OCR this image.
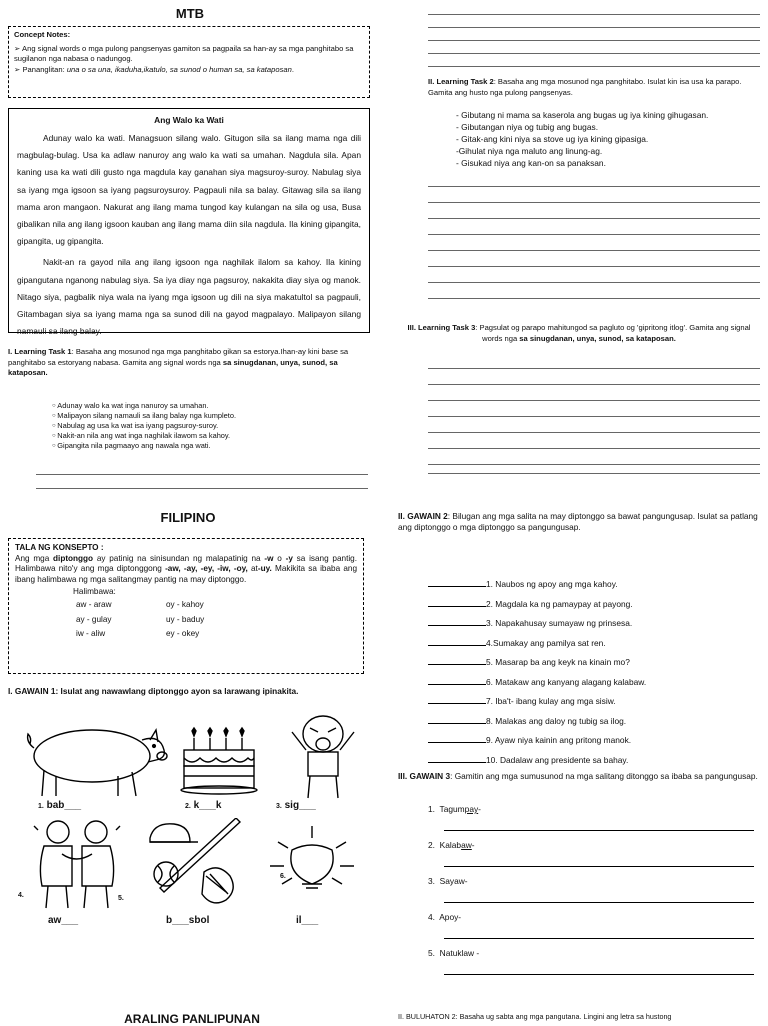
MTB
Concept Notes:
➢ Ang signal words o mga pulong pangsenyas gamiton sa pagpaila sa han-ay sa mga panghitabo sa sugilanon nga nabasa o nadungog.
➢ Pananglitan: una o sa una, ikaduha,ikatulo, sa sunod o human sa, sa kataposan.
Ang Walo ka Wati

Adunay walo ka wati. Managsuon silang walo. Gitugon sila sa ilang mama nga dili magbulag-bulag. Usa ka adlaw nanuroy ang walo ka wati sa umahan. Nagdula sila. Apan kaning usa ka wati dili gusto nga magdula kay ganahan siya magsuroy-suroy. Nabulag siya sa iyang mga igsoon sa iyang pagsuroysuroy. Pagpauli nila sa balay. Gitawag sila sa ilang mama aron mangaon. Nakurat ang ilang mama tungod kay kulangan na sila og usa, Busa gibalikan nila ang ilang igsoon kauban ang ilang mama diin sila nagdula. Ila kining gipangita, gipangita, ug gipangita.

Nakit-an ra gayod nila ang ilang igsoon nga naghilak ilalom sa kahoy. Ila kining gipangutana nganong nabulag siya. Sa iya diay nga pagsuroy, nakakita diay siya og manok. Nitago siya, pagbalik niya wala na iyang mga igsoon ug dili na siya makatultol sa pagpauli, Gitambagan siya sa iyang mama nga sa sunod dili na gayod magpalayo. Malipayon silang namauli sa ilang balay.

I. Learning Task 1: Basaha ang mosunod nga mga panghitabo gikan sa estorya.Ihan-ay kini base sa panghitabo sa estoryang nabasa. Gamita ang signal words nga sa sinugdanan, unya, sunod, sa kataposan.
○ Adunay walo ka wat inga nanuroy sa umahan.
○ Malipayon silang namauli sa ilang balay nga kumpleto.
○ Nabulag ag usa ka wat isa iyang pagsuroy-suroy.
○ Nakit-an nila ang wat inga naghilak ilawom sa kahoy.
○ Gipangita nila pagmaayo ang nawala nga wati.
II. Learning Task 2: Basaha ang mga mosunod nga panghitabo. Isulat kin isa usa ka parapo. Gamita ang husto nga pulong pangsenyas.
- Gibutang ni mama sa kaserola ang bugas ug iya kining gihugasan.
- Gibutangan niya og tubig ang bugas.
- Gitak-ang kini niya sa stove ug iya kining gipasiga.
-Gihulat niya nga maluto ang linung-ag.
- Gisukad niya ang kan-on sa panaksan.
III. Learning Task 3: Pagsulat og parapo mahitungod sa pagluto og 'gipritong itlog'. Gamita ang signal words nga sa sinugdanan, unya, sunod, sa kataposan.
FILIPINO
TALA NG KONSEPTO :
Ang mga diptonggo ay patinig na sinisundan ng malapatinig na -w o -y sa isang pantig. Halimbawa nito'y ang mga diptonggong -aw, -ay, -ey, -iw, -oy, at-uy. Makikita sa ibaba ang ibang halimbawa ng mga salitangmay pantig na may diptonggo.
Halimbawa:
aw - araw	oy - kahoy
ay - gulay	uy - baduy
iw - aliw	ey - okey
I. GAWAIN 1: Isulat ang nawawlang diptonggo ayon sa larawang ipinakita.
1. bab___	2. k___k	3. sig___
5.
6.
4.
aw___	b___sbol	il___
ARALING PANLIPUNAN
II. GAWAIN 2: Bilugan ang mga salita na may diptonggo sa bawat pangungusap. Isulat sa patlang ang diptonggo o mga diptonggo sa pangungusap.
1. Naubos ng apoy ang mga kahoy.
2. Magdala ka ng pamaypay at payong.
3. Napakahusay sumayaw ng prinsesa.
4.Sumakay ang pamilya sat ren.
5. Masarap ba ang keyk na kinain mo?
6. Matakaw ang kanyang alagang kalabaw.
7. Iba't- ibang kulay ang mga sisiw.
8. Malakas ang daloy ng tubig sa ilog.
9. Ayaw niya kainin ang pritong manok.
10. Dadalaw ang presidente sa bahay.
III. GAWAIN 3: Gamitin ang mga sumusunod na mga salitang ditonggo sa ibaba sa pangungusap.
1. Tagumpay-
2. Kalabaw-
3. Sayaw-
4. Apoy-
5. Natuklaw -
II. BULUHATON 2: Basaha ug sabta ang mga pangutana. Lingini ang letra sa hustong
